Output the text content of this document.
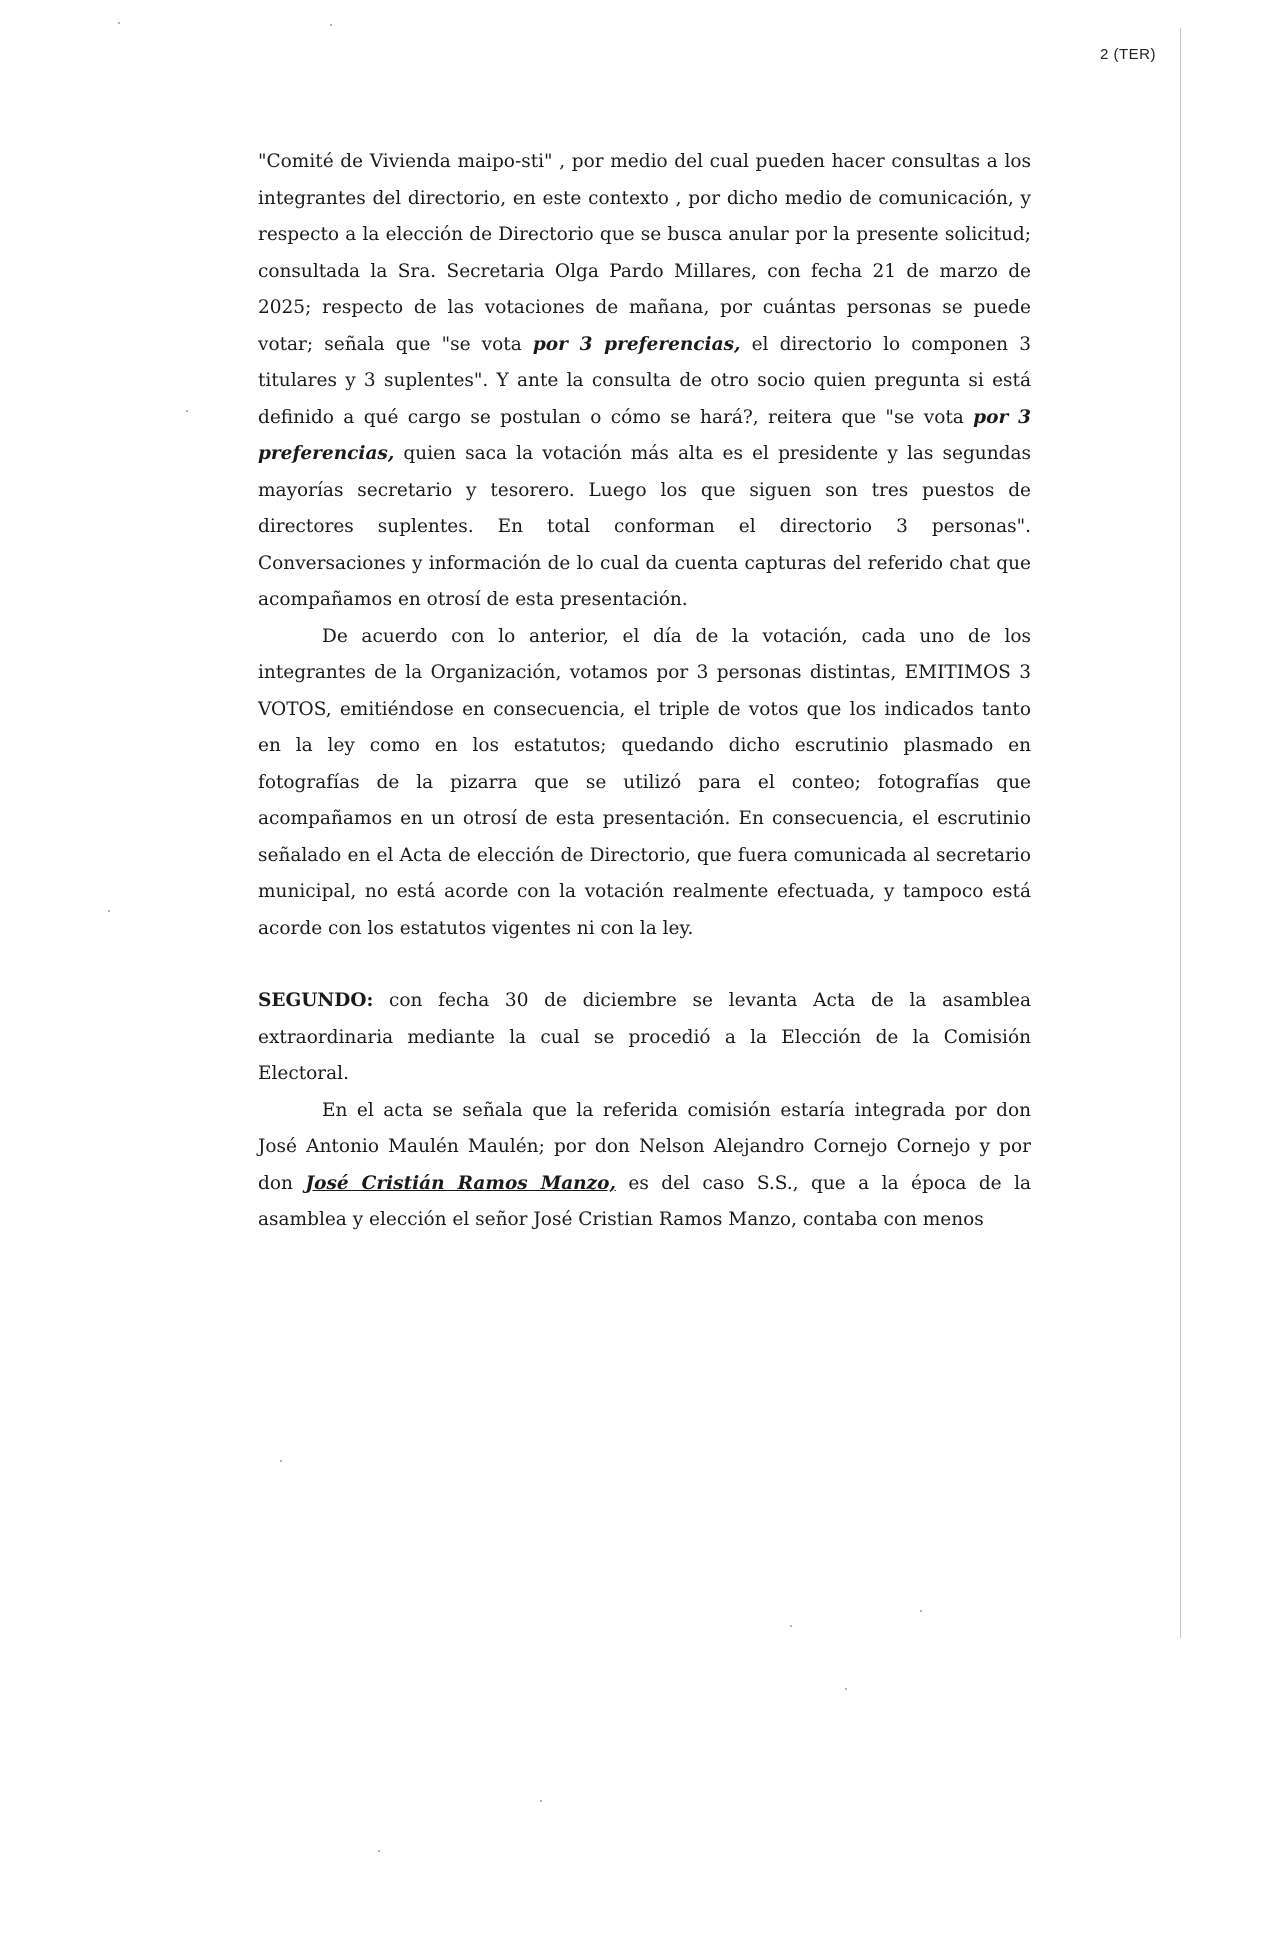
2 (TER)

"Comité de Vivienda maipo-sti" , por medio del cual pueden hacer consultas a los integrantes del directorio, en este contexto , por dicho medio de comunicación, y respecto a la elección de Directorio que se busca anular por la presente solicitud; consultada la Sra. Secretaria Olga Pardo Millares, con fecha 21 de marzo de 2025; respecto de las votaciones de mañana, por cuántas personas se puede votar; señala que "se vota por 3 preferencias, el directorio lo componen 3 titulares y 3 suplentes". Y ante la consulta de otro socio quien pregunta si está definido a qué cargo se postulan o cómo se hará?, reitera que "se vota por 3 preferencias, quien saca la votación más alta es el presidente y las segundas mayorías secretario y tesorero. Luego los que siguen son tres puestos de directores suplentes. En total conforman el directorio 3 personas". Conversaciones y información de lo cual da cuenta capturas del referido chat que acompañamos en otrosí de esta presentación.

De acuerdo con lo anterior, el día de la votación, cada uno de los integrantes de la Organización, votamos por 3 personas distintas, EMITIMOS 3 VOTOS, emitiéndose en consecuencia, el triple de votos que los indicados tanto en la ley como en los estatutos; quedando dicho escrutinio plasmado en fotografías de la pizarra que se utilizó para el conteo; fotografías que acompañamos en un otrosí de esta presentación. En consecuencia, el escrutinio señalado en el Acta de elección de Directorio, que fuera comunicada al secretario municipal, no está acorde con la votación realmente efectuada, y tampoco está acorde con los estatutos vigentes ni con la ley.

SEGUNDO: con fecha 30 de diciembre se levanta Acta de la asamblea extraordinaria mediante la cual se procedió a la Elección de la Comisión Electoral.

En el acta se señala que la referida comisión estaría integrada por don José Antonio Maulén Maulén; por don Nelson Alejandro Cornejo Cornejo y por don José Cristián Ramos Manzo, es del caso S.S., que a la época de la asamblea y elección el señor José Cristian Ramos Manzo, contaba con menos
